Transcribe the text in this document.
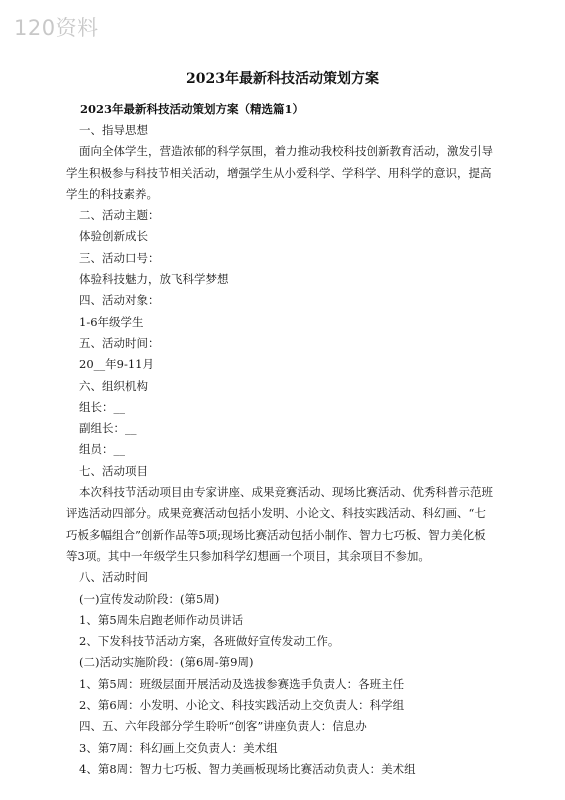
120资料
2023年最新科技活动策划方案
2023年最新科技活动策划方案（精选篇1）
一、指导思想
面向全体学生，营造浓郁的科学氛围，着力推动我校科技创新教育活动，激发引导
学生积极参与科技节相关活动，增强学生从小爱科学、学科学、用科学的意识，提高
学生的科技素养。
二、活动主题：
体验创新成长
三、活动口号：
体验科技魅力，放飞科学梦想
四、活动对象：
1-6年级学生
五、活动时间：
20__年9-11月
六、组织机构
组长：__
副组长：__
组员：__
七、活动项目
本次科技节活动项目由专家讲座、成果竞赛活动、现场比赛活动、优秀科普示范班
评选活动四部分。成果竞赛活动包括小发明、小论文、科技实践活动、科幻画、“七
巧板多幅组合”创新作品等5项;现场比赛活动包括小制作、智力七巧板、智力美化板
等3项。其中一年级学生只参加科学幻想画一个项目，其余项目不参加。
八、活动时间
(一)宣传发动阶段：(第5周)
1、第5周朱启跑老师作动员讲话
2、下发科技节活动方案，各班做好宣传发动工作。
(二)活动实施阶段：(第6周-第9周)
1、第5周：班级层面开展活动及选拔参赛选手负责人：各班主任
2、第6周：小发明、小论文、科技实践活动上交负责人：科学组
四、五、六年段部分学生聆听“创客”讲座负责人：信息办
3、第7周：科幻画上交负责人：美术组
4、第8周：智力七巧板、智力美画板现场比赛活动负责人：美术组
